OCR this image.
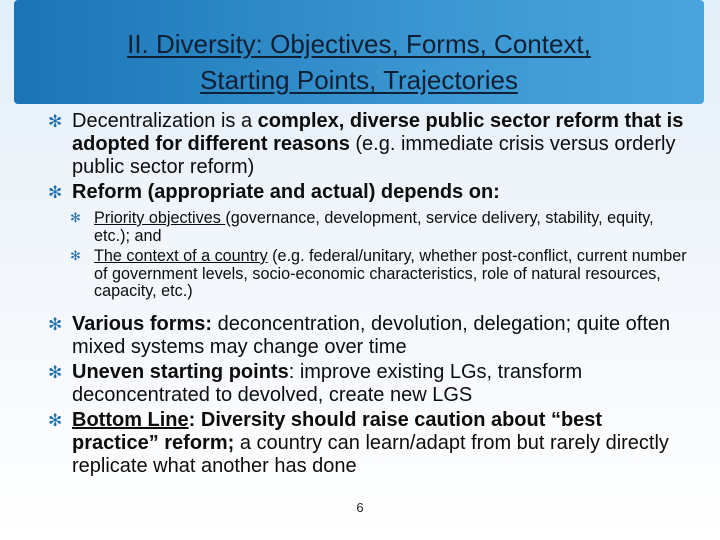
II. Diversity: Objectives, Forms, Context,
Starting Points, Trajectories
✻ Decentralization is a complex, diverse public sector reform that is adopted for different reasons (e.g. immediate crisis versus orderly public sector reform)
✻ Reform (appropriate and actual) depends on:
✻ Priority objectives (governance, development, service delivery, stability, equity, etc.); and
✻ The context of a country (e.g. federal/unitary, whether post-conflict, current number of government levels, socio-economic characteristics, role of natural resources, capacity, etc.)
✻ Various forms: deconcentration, devolution, delegation; quite often mixed systems may change over time
✻ Uneven starting points: improve existing LGs, transform deconcentrated to devolved, create new LGS
✻ Bottom Line: Diversity should raise caution about “best practice” reform; a country can learn/adapt from but rarely directly replicate what another has done
6
